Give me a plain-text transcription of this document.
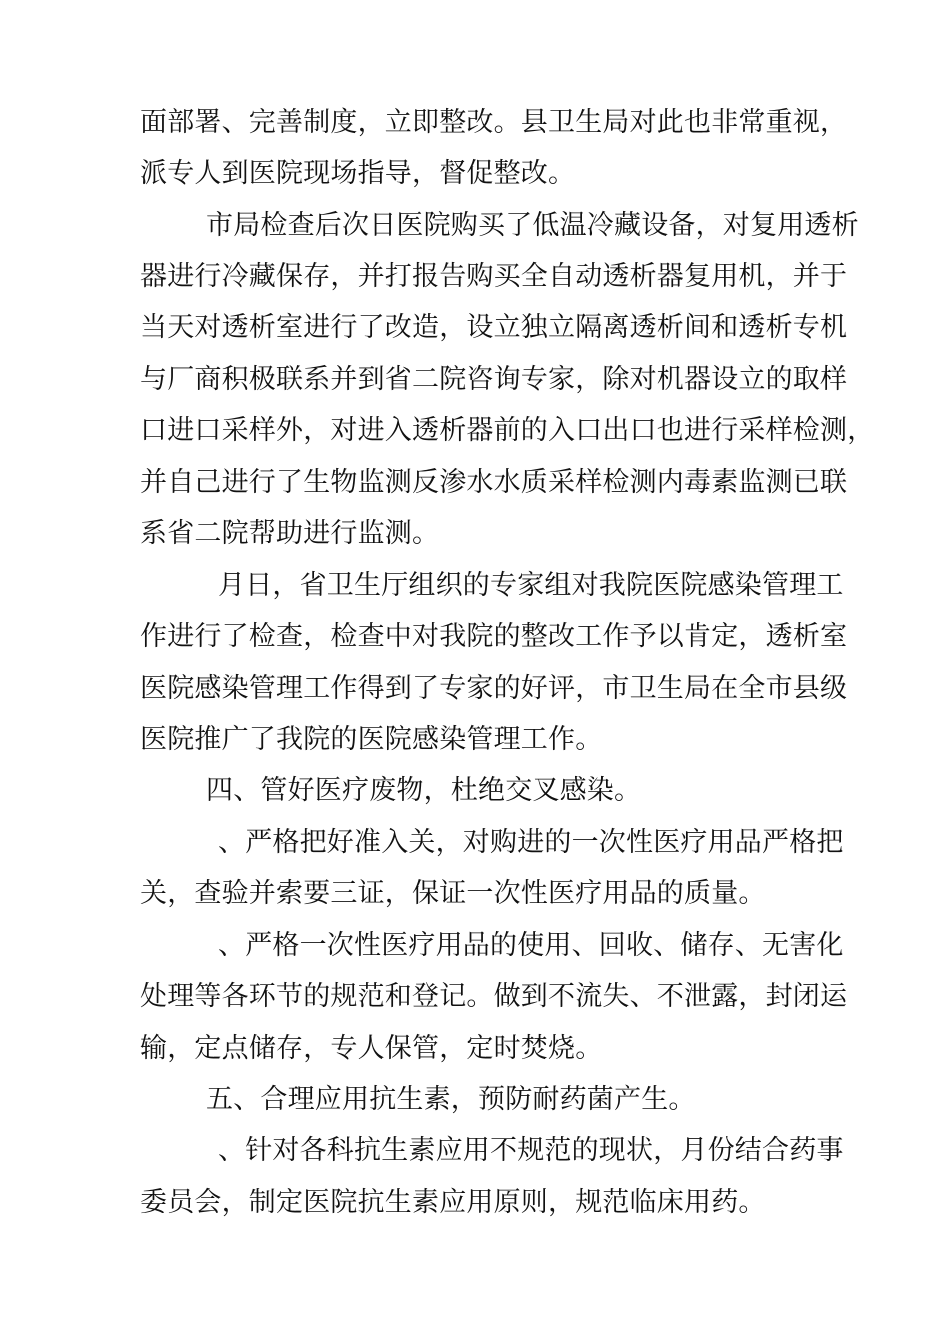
面部署、完善制度，立即整改。县卫生局对此也非常重视，
派专人到医院现场指导，督促整改。
市局检查后次日医院购买了低温冷藏设备，对复用透析
器进行冷藏保存，并打报告购买全自动透析器复用机，并于
当天对透析室进行了改造，设立独立隔离透析间和透析专机
与厂商积极联系并到省二院咨询专家，除对机器设立的取样
口进口采样外，对进入透析器前的入口出口也进行采样检测，
并自己进行了生物监测反渗水水质采样检测内毒素监测已联
系省二院帮助进行监测。
月日，省卫生厅组织的专家组对我院医院感染管理工
作进行了检查，检查中对我院的整改工作予以肯定，透析室
医院感染管理工作得到了专家的好评，市卫生局在全市县级
医院推广了我院的医院感染管理工作。
四、管好医疗废物，杜绝交叉感染。
、严格把好准入关，对购进的一次性医疗用品严格把
关，查验并索要三证，保证一次性医疗用品的质量。
、严格一次性医疗用品的使用、回收、储存、无害化
处理等各环节的规范和登记。做到不流失、不泄露，封闭运
输，定点储存，专人保管，定时焚烧。
五、合理应用抗生素，预防耐药菌产生。
、针对各科抗生素应用不规范的现状，月份结合药事
委员会，制定医院抗生素应用原则，规范临床用药。
